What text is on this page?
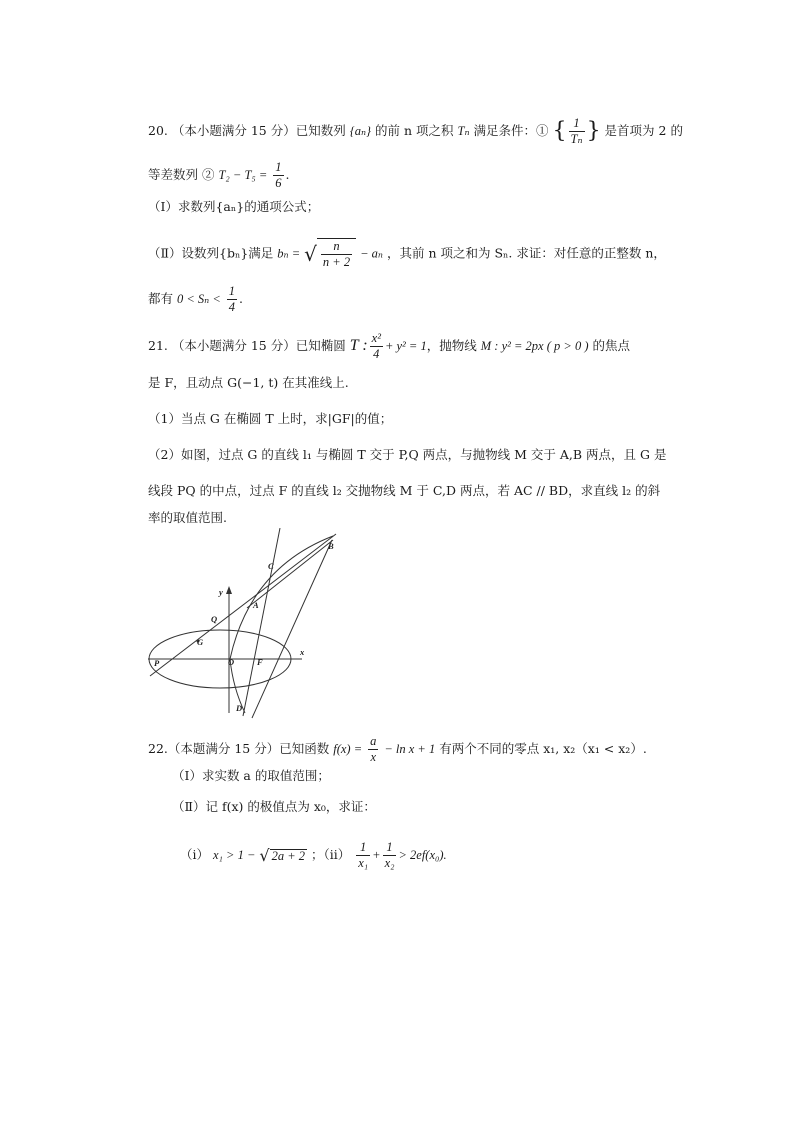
20. （本小题满分 15 分）已知数列 {aₙ} 的前 n 项之积 Tₙ 满足条件：① { $\frac{1}{\text{Tₙ}}$ } 是首项为 2 的
等差数列 ② $T_2 - T_5 = \frac{1}{6}$ .
（Ⅰ）求数列{aₙ}的通项公式；
（Ⅱ）设数列{bₙ}满足 bₙ = √ $\frac{n}{n + 2} - a_n$ ，其前 n 项之和为 Sₙ. 求证：对任意的正整数 n，
都有 $0 < S_n < \frac{1}{4}$ .
21. （本小题满分 15 分）已知椭圆 T : $\frac{\text{x²}}{4} + y^2 = 1$，抛物线 M : y² = 2px ( p > 0 ) 的焦点
是 F，且动点 G(−1, t) 在其准线上.
（1）当点 G 在椭圆 T 上时，求|GF|的值；
（2）如图，过点 G 的直线 l₁ 与椭圆 T 交于 P,Q 两点，与抛物线 M 交于 A,B 两点，且 G 是
线段 PQ 的中点，过点 F 的直线 l₂ 交抛物线 M 于 C,D 两点，若 AC // BD，求直线 l₂ 的斜
率的取值范围.
B
C
A
y
Q
G
P	O	F
x
D
22.（本题满分 15 分）已知函数 $f(x) = \frac{a}{x} - \ln x + 1$ 有两个不同的零点 x₁, x₂（x₁ < x₂）.
（Ⅰ）求实数 a 的取值范围；
（Ⅱ）记 f(x) 的极值点为 x₀，求证：
（i） x₁ > 1 − √ 2a + 2 ；$(ii) \frac{1}{\text{x₁}} + \frac{1}{\text{x₂}} > 2ef(x_0)$.
